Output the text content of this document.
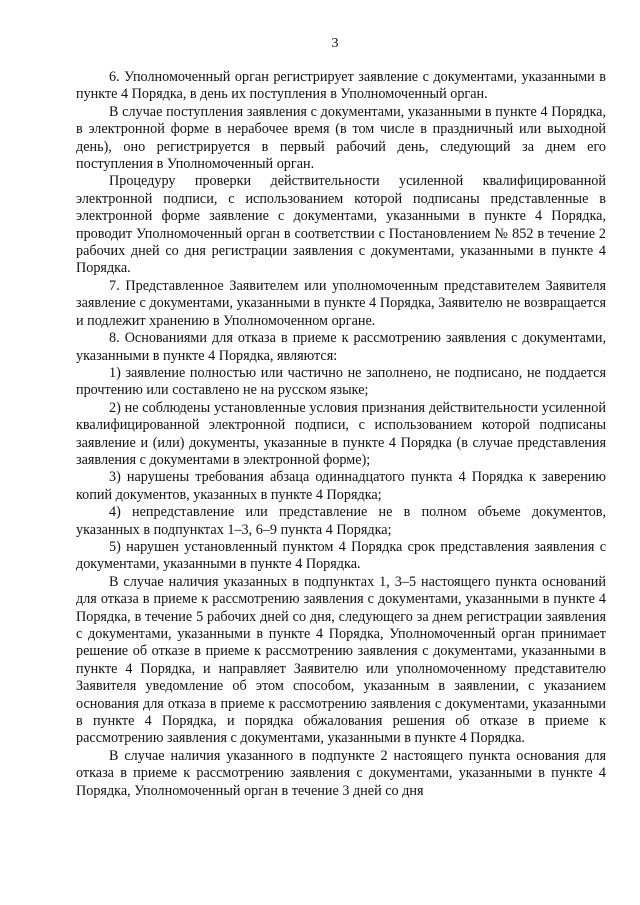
3

6. Уполномоченный орган регистрирует заявление с документами, указанными в пункте 4 Порядка, в день их поступления в Уполномоченный орган.

В случае поступления заявления с документами, указанными в пункте 4 Порядка, в электронной форме в нерабочее время (в том числе в праздничный или выходной день), оно регистрируется в первый рабочий день, следующий за днем его поступления в Уполномоченный орган.

Процедуру проверки действительности усиленной квалифицированной электронной подписи, с использованием которой подписаны представленные в электронной форме заявление с документами, указанными в пункте 4 Порядка, проводит Уполномоченный орган в соответствии с Постановлением № 852 в течение 2 рабочих дней со дня регистрации заявления с документами, указанными в пункте 4 Порядка.

7. Представленное Заявителем или уполномоченным представителем Заявителя заявление с документами, указанными в пункте 4 Порядка, Заявителю не возвращается и подлежит хранению в Уполномоченном органе.

8. Основаниями для отказа в приеме к рассмотрению заявления с документами, указанными в пункте 4 Порядка, являются:

1) заявление полностью или частично не заполнено, не подписано, не поддается прочтению или составлено не на русском языке;

2) не соблюдены установленные условия признания действительности усиленной квалифицированной электронной подписи, с использованием которой подписаны заявление и (или) документы, указанные в пункте 4 Порядка (в случае представления заявления с документами в электронной форме);

3) нарушены требования абзаца одиннадцатого пункта 4 Порядка к заверению копий документов, указанных в пункте 4 Порядка;

4) непредставление или представление не в полном объеме документов, указанных в подпунктах 1–3, 6–9 пункта 4 Порядка;

5) нарушен установленный пунктом 4 Порядка срок представления заявления с документами, указанными в пункте 4 Порядка.

В случае наличия указанных в подпунктах 1, 3–5 настоящего пункта оснований для отказа в приеме к рассмотрению заявления с документами, указанными в пункте 4 Порядка, в течение 5 рабочих дней со дня, следующего за днем регистрации заявления с документами, указанными в пункте 4 Порядка, Уполномоченный орган принимает решение об отказе в приеме к рассмотрению заявления с документами, указанными в пункте 4 Порядка, и направляет Заявителю или уполномоченному представителю Заявителя уведомление об этом способом, указанным в заявлении, с указанием основания для отказа в приеме к рассмотрению заявления с документами, указанными в пункте 4 Порядка, и порядка обжалования решения об отказе в приеме к рассмотрению заявления с документами, указанными в пункте 4 Порядка.

В случае наличия указанного в подпункте 2 настоящего пункта основания для отказа в приеме к рассмотрению заявления с документами, указанными в пункте 4 Порядка, Уполномоченный орган в течение 3 дней со дня
